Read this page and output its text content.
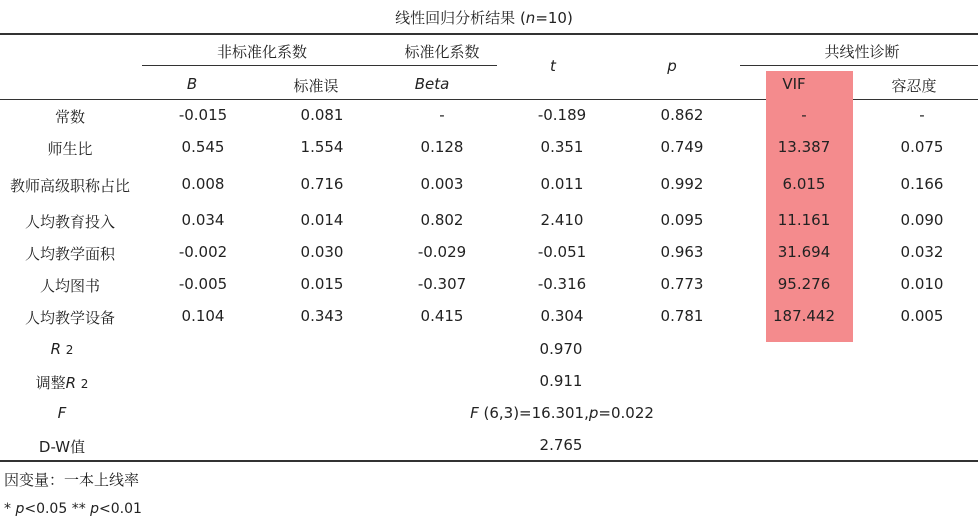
线性回归分析结果 (n=10)
非标准化系数	标准化系数	共线性诊断
B	标准误	Beta
t	p
VIF	容忍度
常数	-0.015	0.081	-	-0.189	0.862	-	-
师生比	0.545	1.554	0.128	0.351	0.749	13.387	0.075
教师高级职称占比	0.008	0.716	0.003	0.011	0.992	6.015	0.166
人均教育投入	0.034	0.014	0.802	2.410	0.095	11.161	0.090
人均教学面积	-0.002	0.030	-0.029	-0.051	0.963	31.694	0.032
人均图书	-0.005	0.015	-0.307	-0.316	0.773	95.276	0.010
人均教学设备	0.104	0.343	0.415	0.304	0.781	187.442	0.005
R 2	0.970
调整R 2	0.911
F	F (6,3)=16.301,p=0.022
D-W值	2.765
因变量：一本上线率
* p<0.05 ** p<0.01
